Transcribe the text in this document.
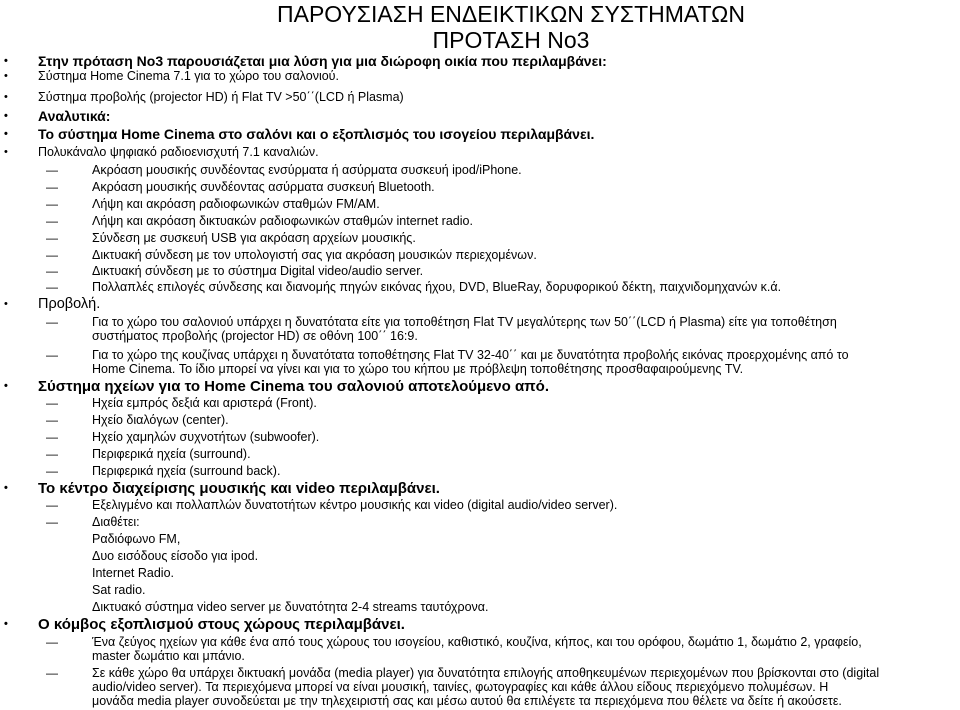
ΠΑΡΟΥΣΙΑΣΗ ΕΝΔΕΙΚΤΙΚΩΝ ΣΥΣΤΗΜΑΤΩΝ
ΠΡΟΤΑΣΗ No3
• Στην πρόταση No3 παρουσιάζεται μια λύση για μια διώροφη οικία που περιλαμβάνει:
• Σύστημα Home Cinema 7.1 για το χώρο του σαλονιού.
• Σύστημα προβολής (projector HD) ή Flat TV >50΄΄(LCD ή Plasma)
• Αναλυτικά:
• Το σύστημα Home Cinema στο σαλόνι και ο εξοπλισμός του ισογείου περιλαμβάνει.
• Πολυκάναλο ψηφιακό ραδιοενισχυτή 7.1 καναλιών.
—	Ακρόαση μουσικής συνδέοντας ενσύρματα ή ασύρματα συσκευή ipod/iPhone.
—	Ακρόαση μουσικής συνδέοντας ασύρματα συσκευή Bluetooth.
—	Λήψη και ακρόαση ραδιοφωνικών σταθμών FM/AM.
—	Λήψη και ακρόαση δικτυακών ραδιοφωνικών σταθμών internet radio.
—	Σύνδεση με συσκευή USB για ακρόαση αρχείων μουσικής.
—	Δικτυακή σύνδεση με τον υπολογιστή σας για ακρόαση μουσικών περιεχομένων.
—	Δικτυακή σύνδεση με το σύστημα Digital video/audio server.
—	Πολλαπλές επιλογές σύνδεσης και διανομής πηγών εικόνας ήχου, DVD, BlueRay, δορυφορικού δέκτη, παιχνιδομηχανών κ.ά.
• Προβολή.
—	Για το χώρο του σαλονιού υπάρχει η δυνατότατα είτε για τοποθέτηση Flat TV μεγαλύτερης των 50΄΄(LCD ή Plasma) είτε για τοποθέτηση
συστήματος προβολής (projector HD) σε οθόνη 100΄΄ 16:9.
—	Για το χώρο της κουζίνας υπάρχει η δυνατότατα τοποθέτησης Flat TV 32-40΄΄ και με δυνατότητα προβολής εικόνας προερχομένης από το
Home Cinema. Το ίδιο μπορεί να γίνει και για το χώρο του κήπου με πρόβλεψη τοποθέτησης προσθαφαιρούμενης TV.
• Σύστημα ηχείων για το Home Cinema του σαλονιού αποτελούμενο από.
—	Ηχεία εμπρός δεξιά και αριστερά (Front).
—	Ηχείο διαλόγων (center).
—	Ηχείο χαμηλών συχνοτήτων (subwoofer).
—	Περιφερικά ηχεία (surround).
—	Περιφερικά ηχεία (surround back).
• Το κέντρο διαχείρισης μουσικής και video περιλαμβάνει.
—	Εξελιγμένο και πολλαπλών δυνατοτήτων κέντρο μουσικής και video (digital audio/video server).
—	Διαθέτει:
Ραδιόφωνο FM,
Δυο εισόδους είσοδο για ipod.
Internet Radio.
Sat radio.
Δικτυακό σύστημα video server με δυνατότητα 2-4 streams ταυτόχρονα.
• Ο κόμβος εξοπλισμού στους χώρους περιλαμβάνει.
—	Ένα ζεύγος ηχείων για κάθε ένα από τους χώρους του ισογείου, καθιστικό, κουζίνα, κήπος, και του ορόφου, δωμάτιο 1, δωμάτιο 2, γραφείο,
master δωμάτιο και μπάνιο.
—	Σε κάθε χώρο θα υπάρχει δικτυακή μονάδα (media player) για δυνατότητα επιλογής αποθηκευμένων περιεχομένων που βρίσκονται στο (digital
audio/video server). Τα περιεχόμενα μπορεί να είναι μουσική, ταινίες, φωτογραφίες και κάθε άλλου είδους περιεχόμενο πολυμέσων. Η
μονάδα media player συνοδεύεται με την τηλεχειριστή σας και μέσω αυτού θα επιλέγετε τα περιεχόμενα που θέλετε να δείτε ή ακούσετε.
